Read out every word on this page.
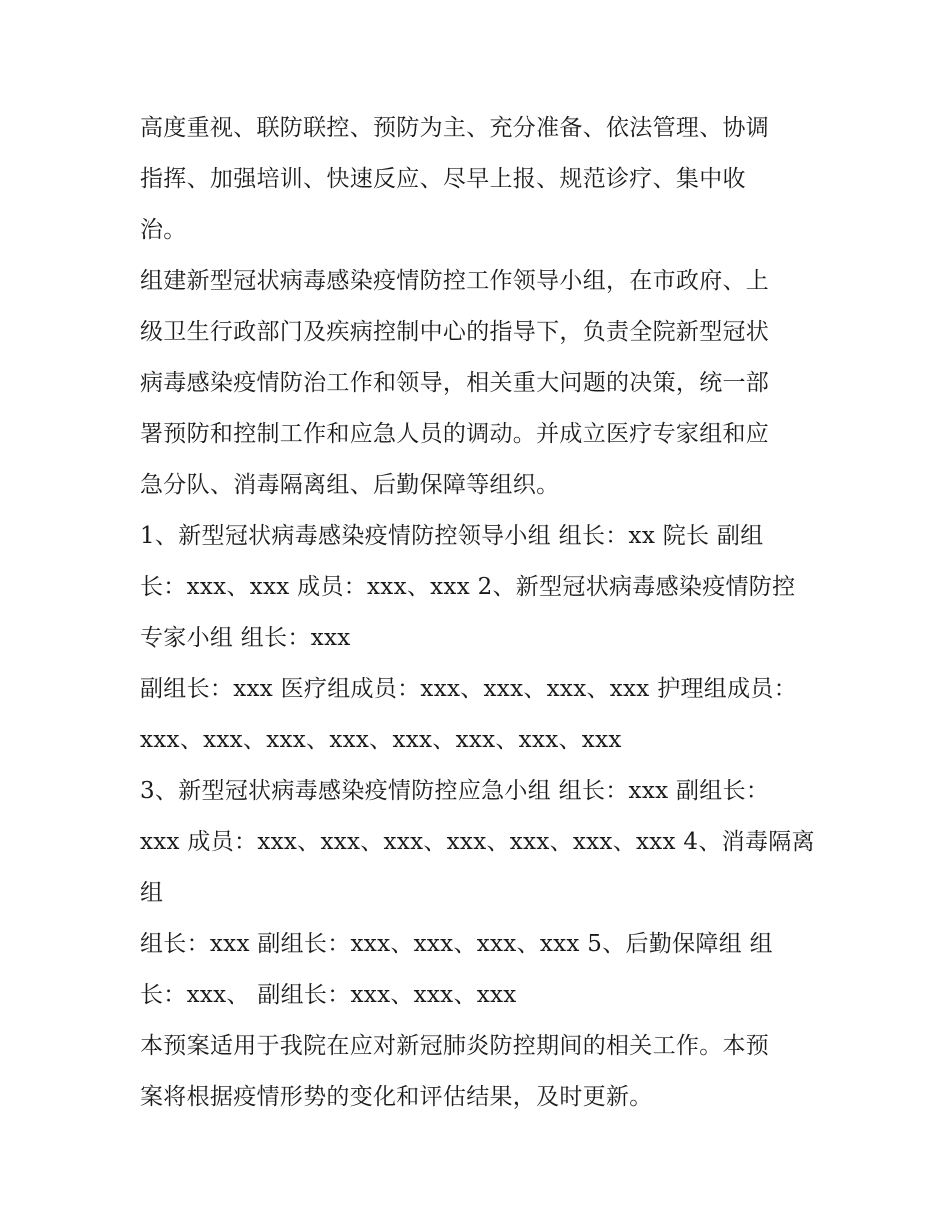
高度重视、联防联控、预防为主、充分准备、依法管理、协调
指挥、加强培训、快速反应、尽早上报、规范诊疗、集中收
治。
组建新型冠状病毒感染疫情防控工作领导小组，在市政府、上
级卫生行政部门及疾病控制中心的指导下，负责全院新型冠状
病毒感染疫情防治工作和领导，相关重大问题的决策，统一部
署预防和控制工作和应急人员的调动。并成立医疗专家组和应
急分队、消毒隔离组、后勤保障等组织。
1、新型冠状病毒感染疫情防控领导小组 组长：xx 院长 副组
长：xxx、xxx 成员：xxx、xxx 2、新型冠状病毒感染疫情防控
专家小组 组长：xxx
副组长：xxx 医疗组成员：xxx、xxx、xxx、xxx 护理组成员：
xxx、xxx、xxx、xxx、xxx、xxx、xxx、xxx
3、新型冠状病毒感染疫情防控应急小组 组长：xxx 副组长：
xxx 成员：xxx、xxx、xxx、xxx、xxx、xxx、xxx 4、消毒隔离
组
组长：xxx 副组长：xxx、xxx、xxx、xxx 5、后勤保障组 组
长：xxx、 副组长：xxx、xxx、xxx
本预案适用于我院在应对新冠肺炎防控期间的相关工作。本预
案将根据疫情形势的变化和评估结果，及时更新。
